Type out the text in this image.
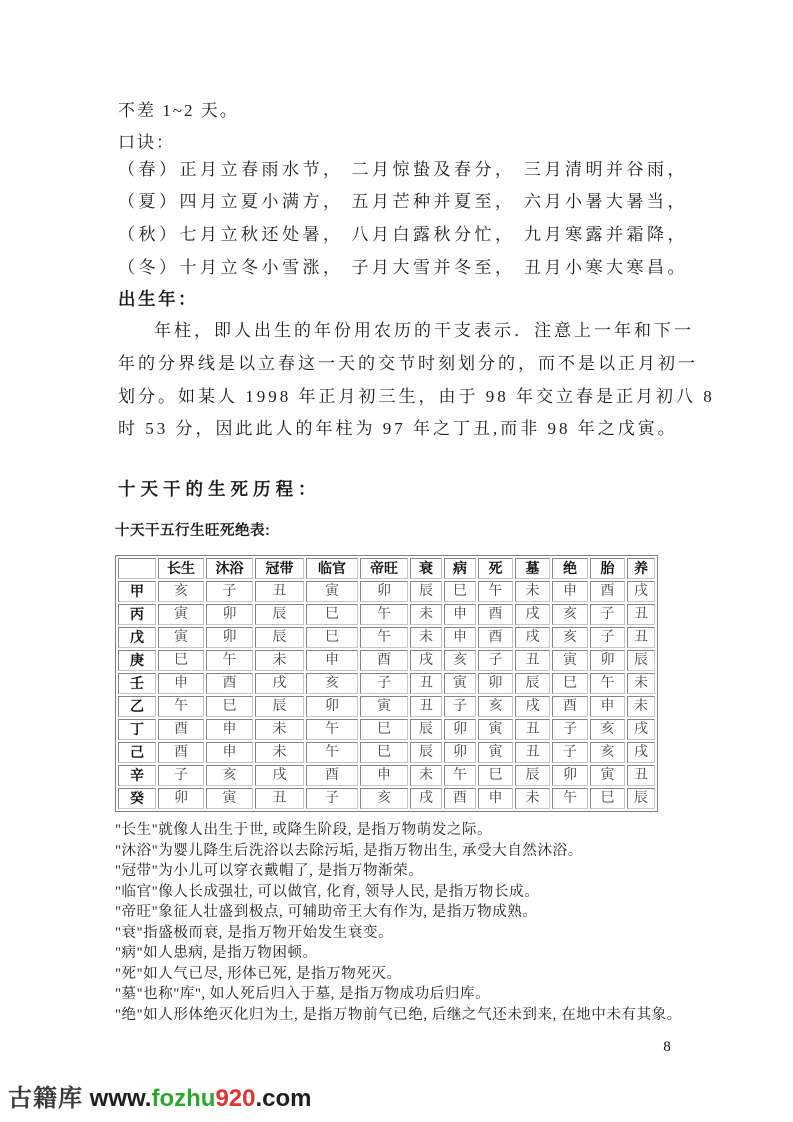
不差 1~2 天。
口诀：
（春）正月立春雨水节， 二月惊蛰及春分， 三月清明并谷雨，
（夏）四月立夏小满方， 五月芒种并夏至， 六月小暑大暑当，
（秋）七月立秋还处暑， 八月白露秋分忙， 九月寒露并霜降，
（冬）十月立冬小雪涨， 子月大雪并冬至， 丑月小寒大寒昌。
出生年：
年柱，即人出生的年份用农历的干支表示．注意上一年和下一
年的分界线是以立春这一天的交节时刻划分的，而不是以正月初一
划分。如某人 1998 年正月初三生，由于 98 年交立春是正月初八 8
时 53 分，因此此人的年柱为 97 年之丁丑,而非 98 年之戊寅。
十天干的生死历程：
十天干五行生旺死绝表:
	长生	沐浴	冠带	临官	帝旺	衰	病	死	墓	绝	胎	养
甲	亥	子	丑	寅	卯	辰	巳	午	未	申	酉	戌
丙	寅	卯	辰	巳	午	未	申	酉	戌	亥	子	丑
戊	寅	卯	辰	巳	午	未	申	酉	戌	亥	子	丑
庚	巳	午	未	申	酉	戌	亥	子	丑	寅	卯	辰
壬	申	酉	戌	亥	子	丑	寅	卯	辰	巳	午	未
乙	午	巳	辰	卯	寅	丑	子	亥	戌	酉	申	未
丁	酉	申	未	午	巳	辰	卯	寅	丑	子	亥	戌
己	酉	申	未	午	巳	辰	卯	寅	丑	子	亥	戌
辛	子	亥	戌	酉	申	未	午	巳	辰	卯	寅	丑
癸	卯	寅	丑	子	亥	戌	酉	申	未	午	巳	辰
"长生"就像人出生于世, 或降生阶段, 是指万物萌发之际。
"沐浴"为婴儿降生后洗浴以去除污垢, 是指万物出生, 承受大自然沐浴。
"冠带"为小儿可以穿衣戴帽了, 是指万物渐荣。
"临官"像人长成强壮, 可以做官, 化育, 领导人民, 是指万物长成。
"帝旺"象征人壮盛到极点, 可辅助帝王大有作为, 是指万物成熟。
"衰"指盛极而衰, 是指万物开始发生衰变。
"病"如人患病, 是指万物困顿。
"死"如人气已尽, 形体已死, 是指万物死灭。
"墓"也称"库", 如人死后归入于墓, 是指万物成功后归库。
"绝"如人形体绝灭化归为土, 是指万物前气已绝, 后继之气还未到来, 在地中未有其象。
8
古籍库 www.fozhu920.com
